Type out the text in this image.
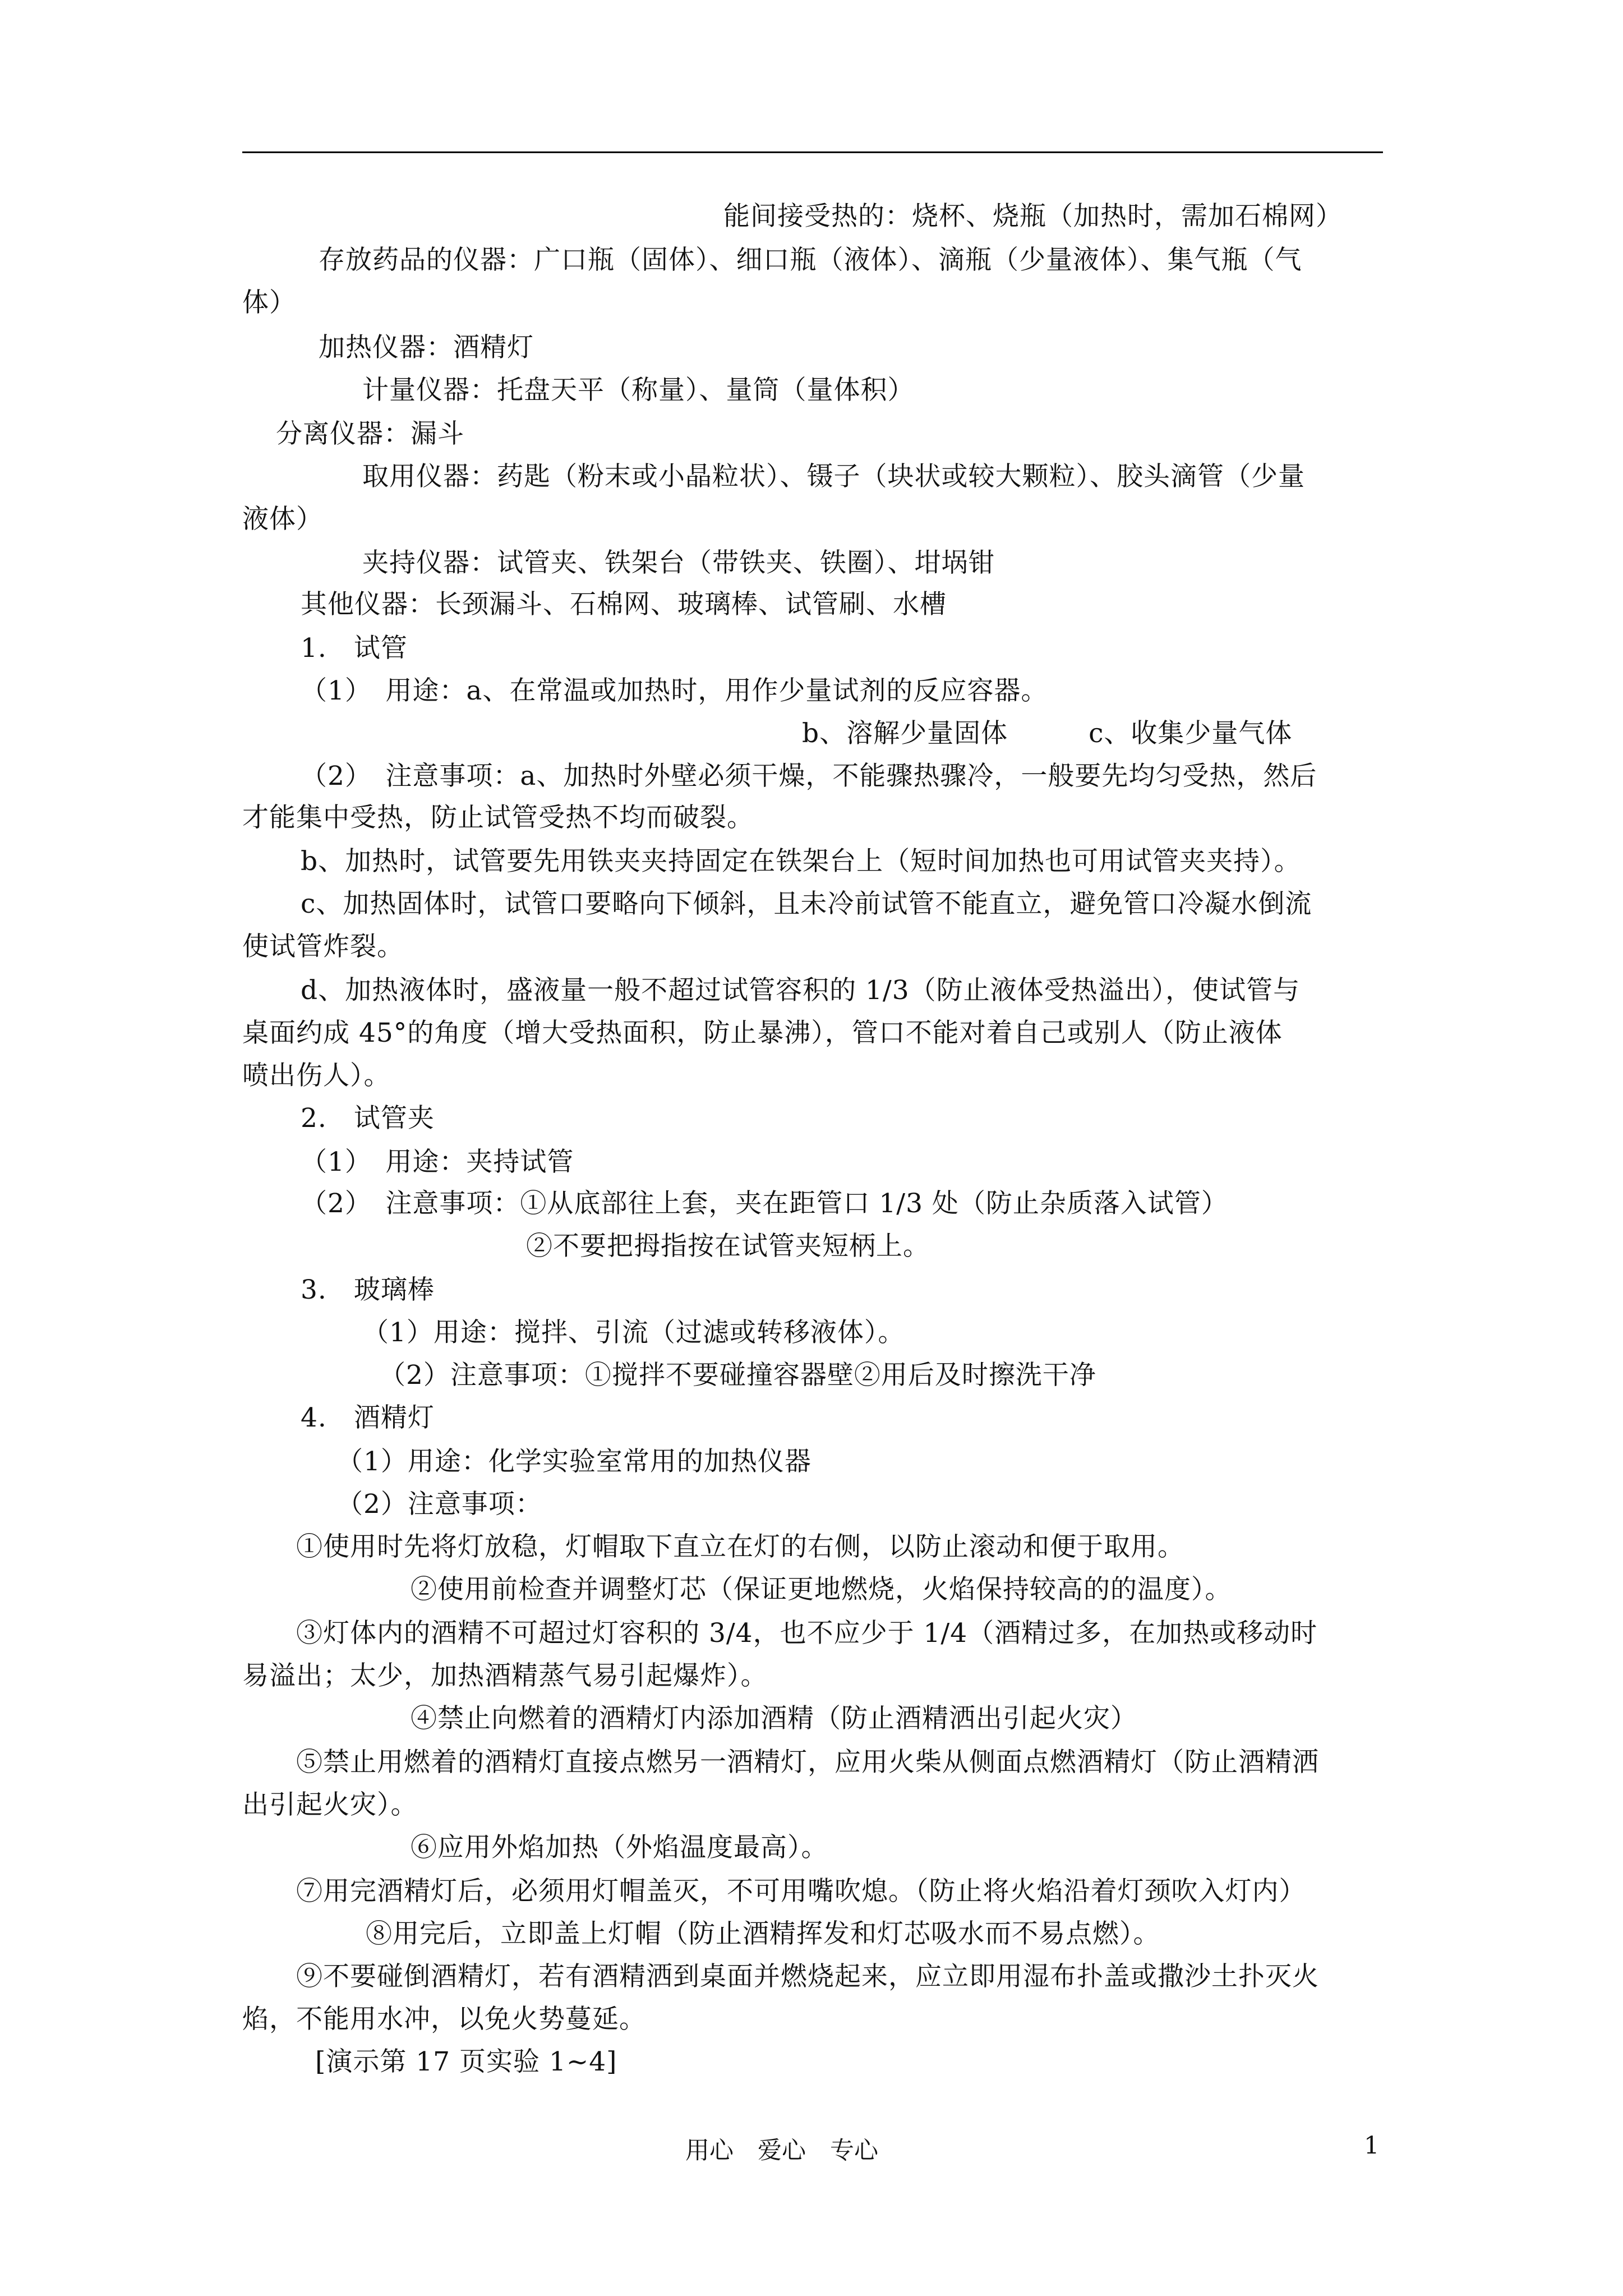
能间接受热的：烧杯、烧瓶（加热时，需加石棉网）
存放药品的仪器：广口瓶（固体）、细口瓶（液体）、滴瓶（少量液体）、集气瓶（气
体）
加热仪器：酒精灯
计量仪器：托盘天平（称量）、量筒（量体积）
分离仪器：漏斗
取用仪器：药匙（粉末或小晶粒状）、镊子（块状或较大颗粒）、胶头滴管（少量
液体）
夹持仪器：试管夹、铁架台（带铁夹、铁圈）、坩埚钳
其他仪器：长颈漏斗、石棉网、玻璃棒、试管刷、水槽
1.　试管
（1）　用途：a、在常温或加热时，用作少量试剂的反应容器。
b、溶解少量固体　　　c、收集少量气体
（2）　注意事项：a、加热时外壁必须干燥，不能骤热骤冷，一般要先均匀受热，然后
才能集中受热，防止试管受热不均而破裂。
b、加热时，试管要先用铁夹夹持固定在铁架台上（短时间加热也可用试管夹夹持）。
c、加热固体时，试管口要略向下倾斜，且未冷前试管不能直立，避免管口冷凝水倒流
使试管炸裂。
d、加热液体时，盛液量一般不超过试管容积的 1/3（防止液体受热溢出），使试管与
桌面约成 45°的角度（增大受热面积，防止暴沸），管口不能对着自己或别人（防止液体
喷出伤人）。
2.　试管夹
（1）　用途：夹持试管
（2）　注意事项：①从底部往上套，夹在距管口 1/3 处（防止杂质落入试管）
②不要把拇指按在试管夹短柄上。
3.　玻璃棒
（1）用途：搅拌、引流（过滤或转移液体）。
（2）注意事项：①搅拌不要碰撞容器壁②用后及时擦洗干净
4.　酒精灯
（1）用途：化学实验室常用的加热仪器
（2）注意事项：
①使用时先将灯放稳，灯帽取下直立在灯的右侧，以防止滚动和便于取用。
②使用前检查并调整灯芯（保证更地燃烧，火焰保持较高的的温度）。
③灯体内的酒精不可超过灯容积的 3/4，也不应少于 1/4（酒精过多，在加热或移动时
易溢出；太少，加热酒精蒸气易引起爆炸）。
④禁止向燃着的酒精灯内添加酒精（防止酒精洒出引起火灾）
⑤禁止用燃着的酒精灯直接点燃另一酒精灯，应用火柴从侧面点燃酒精灯（防止酒精洒
出引起火灾）。
⑥应用外焰加热（外焰温度最高）。
⑦用完酒精灯后，必须用灯帽盖灭，不可用嘴吹熄。（防止将火焰沿着灯颈吹入灯内）
⑧用完后，立即盖上灯帽（防止酒精挥发和灯芯吸水而不易点燃）。
⑨不要碰倒酒精灯，若有酒精洒到桌面并燃烧起来，应立即用湿布扑盖或撒沙土扑灭火
焰，不能用水冲，以免火势蔓延。
[演示第 17 页实验 1~4]
用心　爱心　专心	1
